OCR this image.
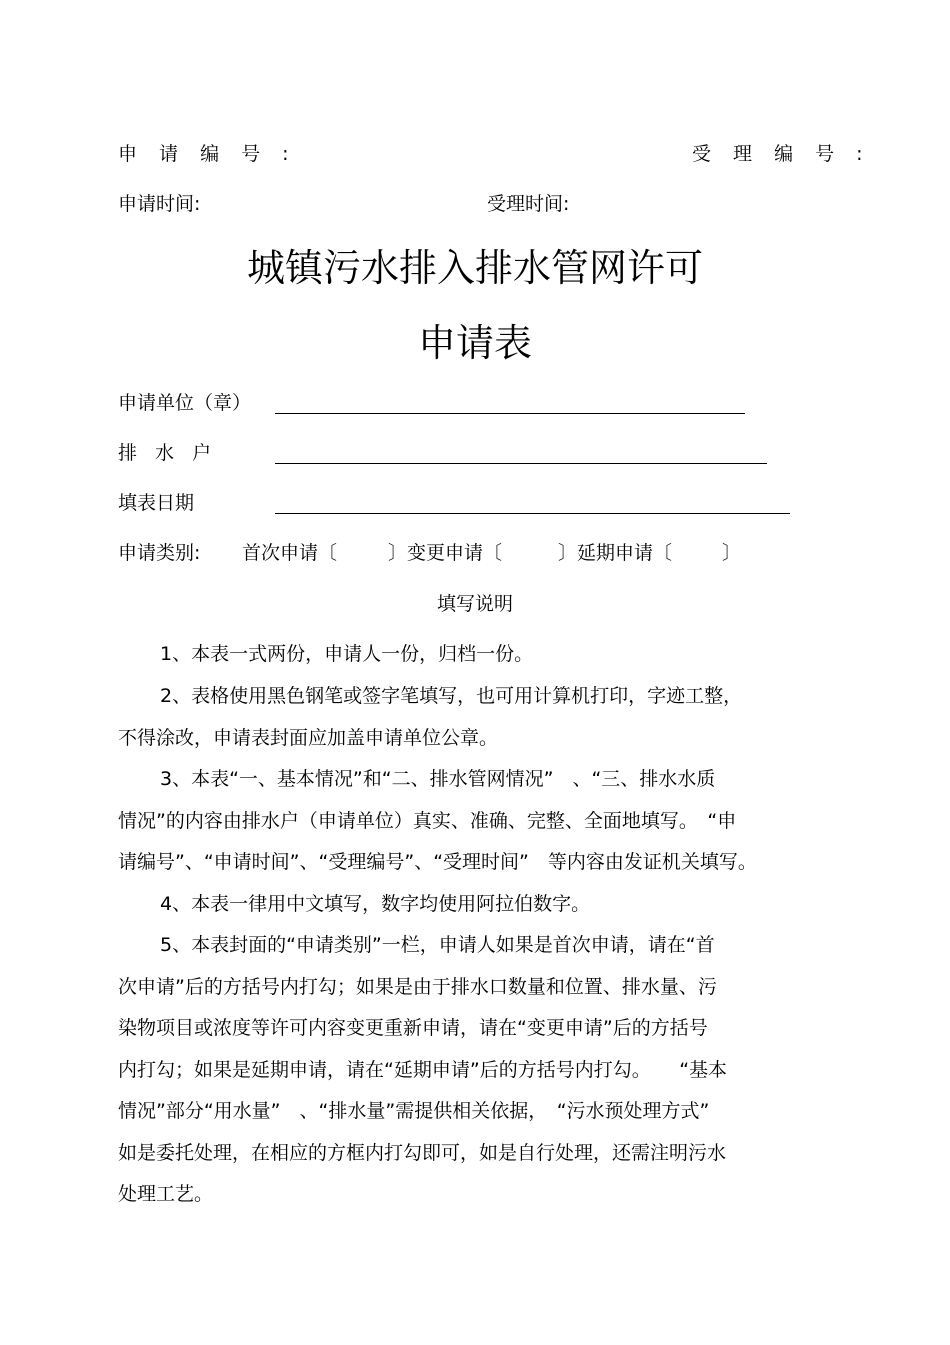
申 请 编 号 :	受 理 编 号 :
申请时间:	受理时间:
城镇污水排入排水管网许可
申请表
申请单位（章）
排 水 户
填表日期
申请类别: 首次申请〔	〕变更申请〔	〕延期申请〔	〕
填写说明
1、本表一式两份，申请人一份，归档一份。
2、表格使用黑色钢笔或签字笔填写，也可用计算机打印，字迹工整，
不得涂改，申请表封面应加盖申请单位公章。
3、本表“一、基本情况”和“二、排水管网情况”　、“三、排水水质
情况”的内容由排水户（申请单位）真实、准确、完整、全面地填写。　“申
请编号”、“申请时间”、“受理编号”、“受理时间”　等内容由发证机关填写。
4、本表一律用中文填写，数字均使用阿拉伯数字。
5、本表封面的“申请类别”一栏，申请人如果是首次申请，请在“首
次申请”后的方括号内打勾；如果是由于排水口数量和位置、排水量、污
染物项目或浓度等许可内容变更重新申请，请在“变更申请”后的方括号
内打勾；如果是延期申请，请在“延期申请”后的方括号内打勾。　　“基本
情况”部分“用水量”　、“排水量”需提供相关依据，　“污水预处理方式”
如是委托处理，在相应的方框内打勾即可，如是自行处理，还需注明污水
处理工艺。
